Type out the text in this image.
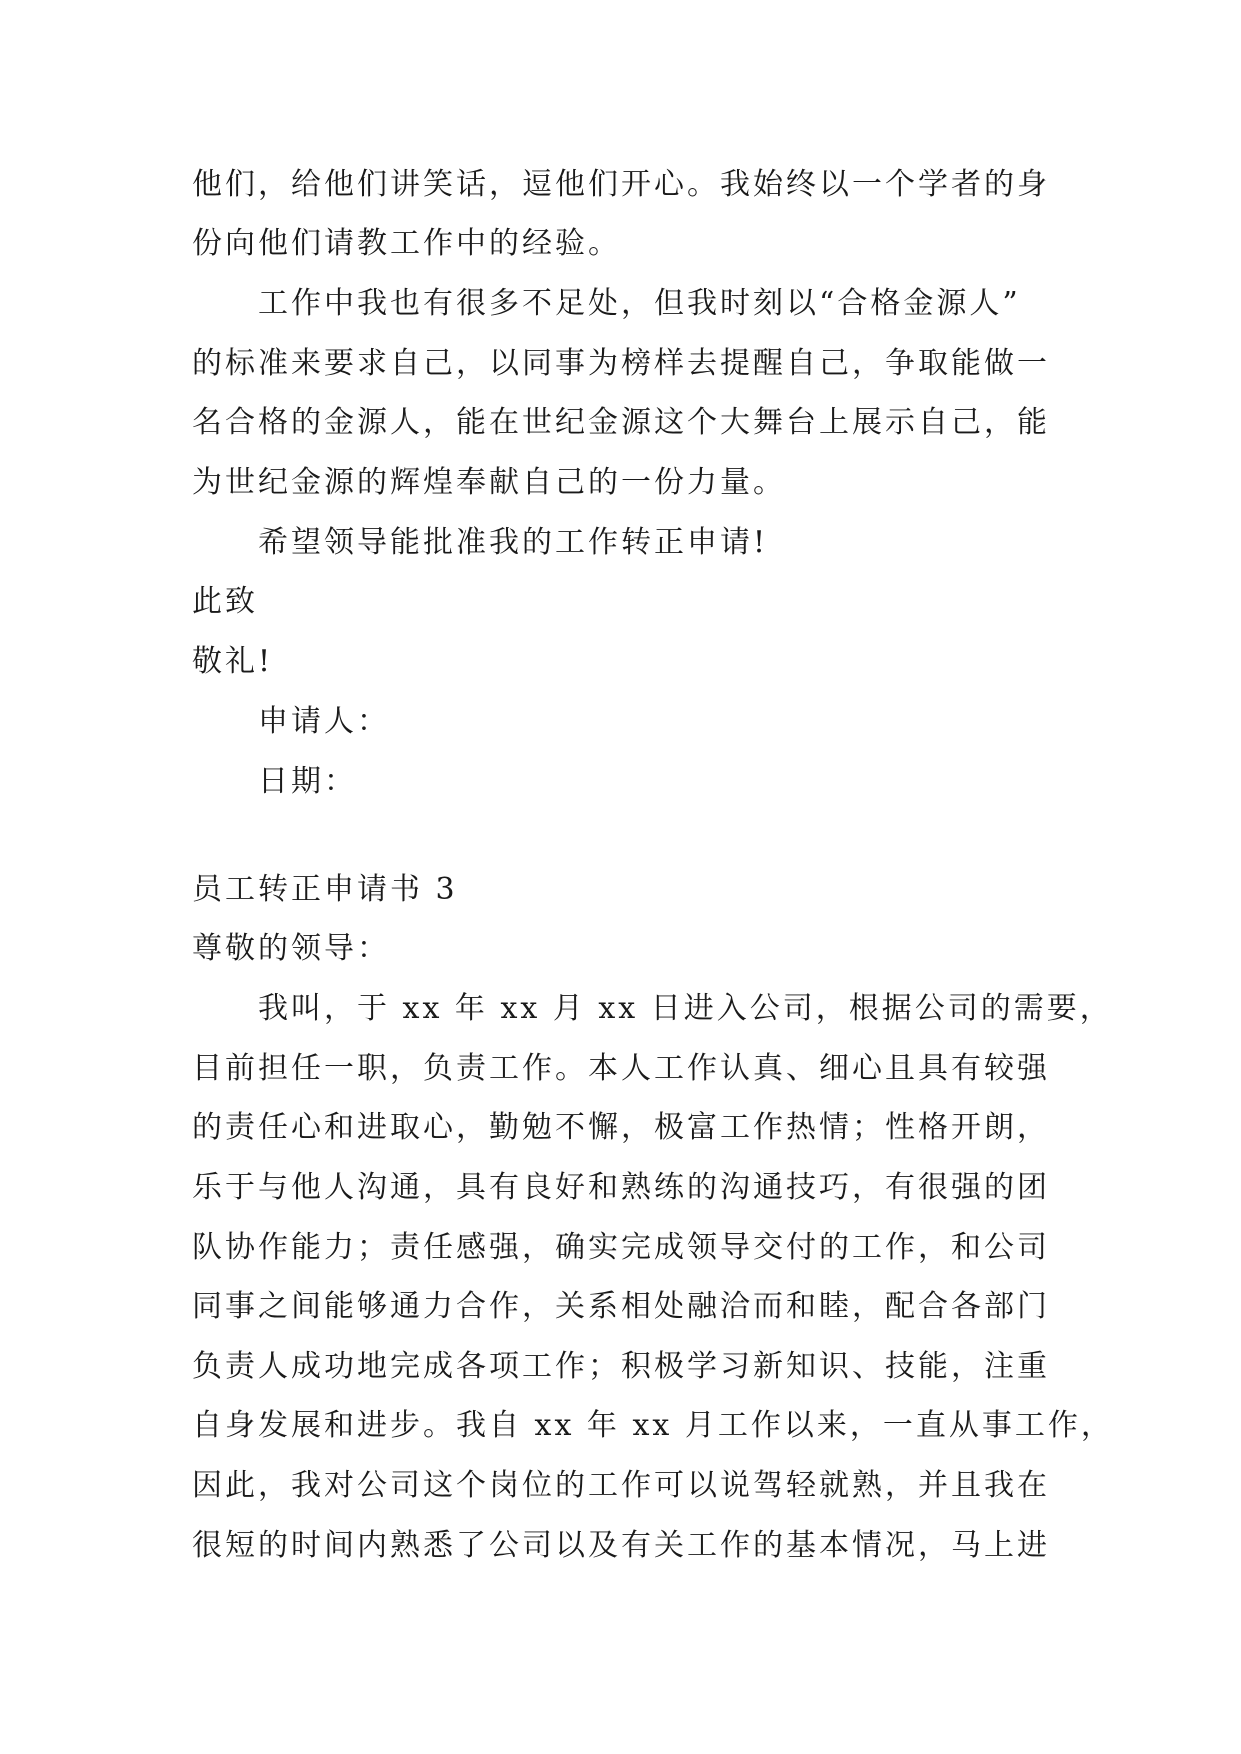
他们，给他们讲笑话，逗他们开心。我始终以一个学者的身
份向他们请教工作中的经验。
工作中我也有很多不足处，但我时刻以“合格金源人”
的标准来要求自己，以同事为榜样去提醒自己，争取能做一
名合格的金源人，能在世纪金源这个大舞台上展示自己，能
为世纪金源的辉煌奉献自己的一份力量。
希望领导能批准我的工作转正申请!
此致
敬礼!
申请人：
日期：
员工转正申请书 3
尊敬的领导：
我叫，于 xx 年 xx 月 xx 日进入公司，根据公司的需要，
目前担任一职，负责工作。本人工作认真、细心且具有较强
的责任心和进取心，勤勉不懈，极富工作热情；性格开朗，
乐于与他人沟通，具有良好和熟练的沟通技巧，有很强的团
队协作能力；责任感强，确实完成领导交付的工作，和公司
同事之间能够通力合作，关系相处融洽而和睦，配合各部门
负责人成功地完成各项工作；积极学习新知识、技能，注重
自身发展和进步。我自 xx 年 xx 月工作以来，一直从事工作，
因此，我对公司这个岗位的工作可以说驾轻就熟，并且我在
很短的时间内熟悉了公司以及有关工作的基本情况，马上进
